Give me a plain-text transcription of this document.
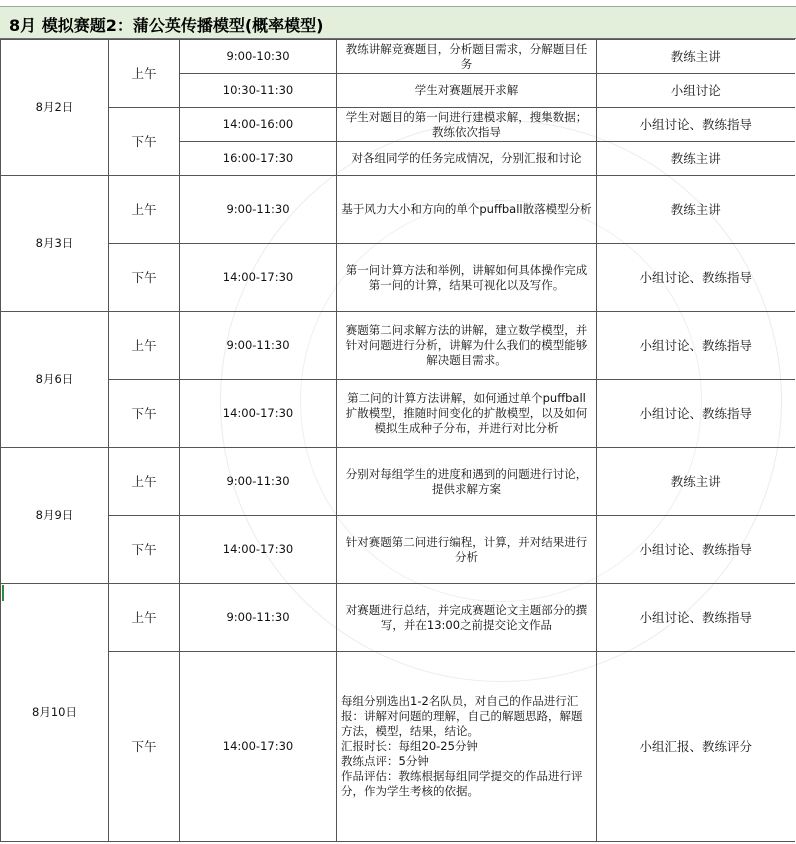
8月 模拟赛题2：蒲公英传播模型(概率模型)
8月2日	上午	9:00-10:30	教练讲解竞赛题目，分析题目需求，分解题目任务	教练主讲
		10:30-11:30	学生对赛题展开求解	小组讨论
	下午	14:00-16:00	学生对题目的第一问进行建模求解，搜集数据；教练依次指导	小组讨论、教练指导
		16:00-17:30	对各组同学的任务完成情况，分别汇报和讨论	教练主讲
8月3日	上午	9:00-11:30	基于风力大小和方向的单个puffball散落模型分析	教练主讲
	下午	14:00-17:30	第一问计算方法和举例，讲解如何具体操作完成第一问的计算，结果可视化以及写作。	小组讨论、教练指导
8月6日	上午	9:00-11:30	赛题第二问求解方法的讲解，建立数学模型，并针对问题进行分析，讲解为什么我们的模型能够解决题目需求。	小组讨论、教练指导
	下午	14:00-17:30	第二问的计算方法讲解，如何通过单个puffball 扩散模型，推随时间变化的扩散模型，以及如何模拟生成种子分布，并进行对比分析	小组讨论、教练指导
8月9日	上午	9:00-11:30	分别对每组学生的进度和遇到的问题进行讨论，提供求解方案	教练主讲
	下午	14:00-17:30	针对赛题第二问进行编程，计算，并对结果进行分析	小组讨论、教练指导
8月10日	上午	9:00-11:30	对赛题进行总结，并完成赛题论文主题部分的撰写，并在13:00之前提交论文作品	小组讨论、教练指导
	下午	14:00-17:30	每组分别选出1-2名队员，对自己的作品进行汇报：讲解对问题的理解，自己的解题思路，解题方法，模型，结果，结论。
汇报时长：每组20-25分钟
教练点评：5分钟
作品评估：教练根据每组同学提交的作品进行评分，作为学生考核的依据。	小组汇报、教练评分
